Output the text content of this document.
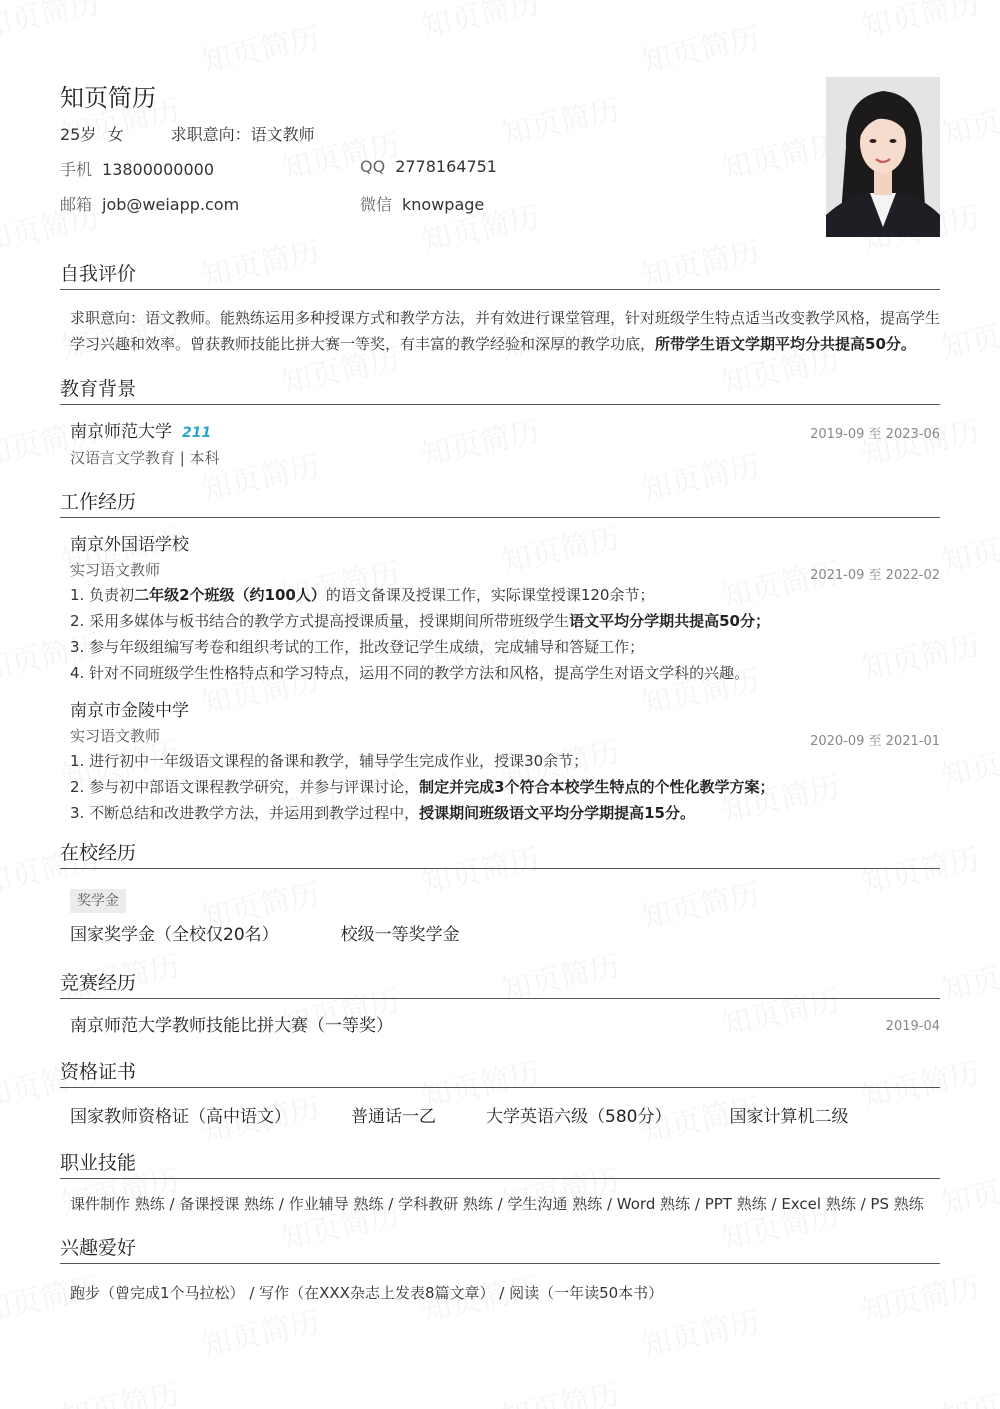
知页简历
25岁 女	求职意向：语文教师
手机 13800000000	QQ 2778164751
邮箱 job@weiapp.com	微信 knowpage
自我评价
求职意向：语文教师。能熟练运用多种授课方式和教学方法，并有效进行课堂管理，针对班级学生特点适当改变教学风格，提高学生学习兴趣和效率。曾获教师技能比拼大赛一等奖，有丰富的教学经验和深厚的教学功底，所带学生语文学期平均分共提高50分。
教育背景
南京师范大学 211	2019-09 至 2023-06
汉语言文学教育 | 本科
工作经历
南京外国语学校
实习语文教师	2021-09 至 2022-02
1. 负责初二年级2个班级（约100人）的语文备课及授课工作，实际课堂授课120余节；
2. 采用多媒体与板书结合的教学方式提高授课质量，授课期间所带班级学生语文平均分学期共提高50分；
3. 参与年级组编写考卷和组织考试的工作，批改登记学生成绩，完成辅导和答疑工作；
4. 针对不同班级学生性格特点和学习特点，运用不同的教学方法和风格，提高学生对语文学科的兴趣。
南京市金陵中学
实习语文教师	2020-09 至 2021-01
1. 进行初中一年级语文课程的备课和教学，辅导学生完成作业，授课30余节；
2. 参与初中部语文课程教学研究，并参与评课讨论，制定并完成3个符合本校学生特点的个性化教学方案；
3. 不断总结和改进教学方法，并运用到教学过程中，授课期间班级语文平均分学期提高15分。
在校经历
奖学金
国家奖学金（全校仅20名）	校级一等奖学金
竞赛经历
南京师范大学教师技能比拼大赛（一等奖）	2019-04
资格证书
国家教师资格证（高中语文）	普通话一乙	大学英语六级（580分）	国家计算机二级
职业技能
课件制作 熟练 / 备课授课 熟练 / 作业辅导 熟练 / 学科教研 熟练 / 学生沟通 熟练 / Word 熟练 / PPT 熟练 / Excel 熟练 / PS 熟练
兴趣爱好
跑步（曾完成1个马拉松） / 写作（在XXX杂志上发表8篇文章） / 阅读（一年读50本书）
